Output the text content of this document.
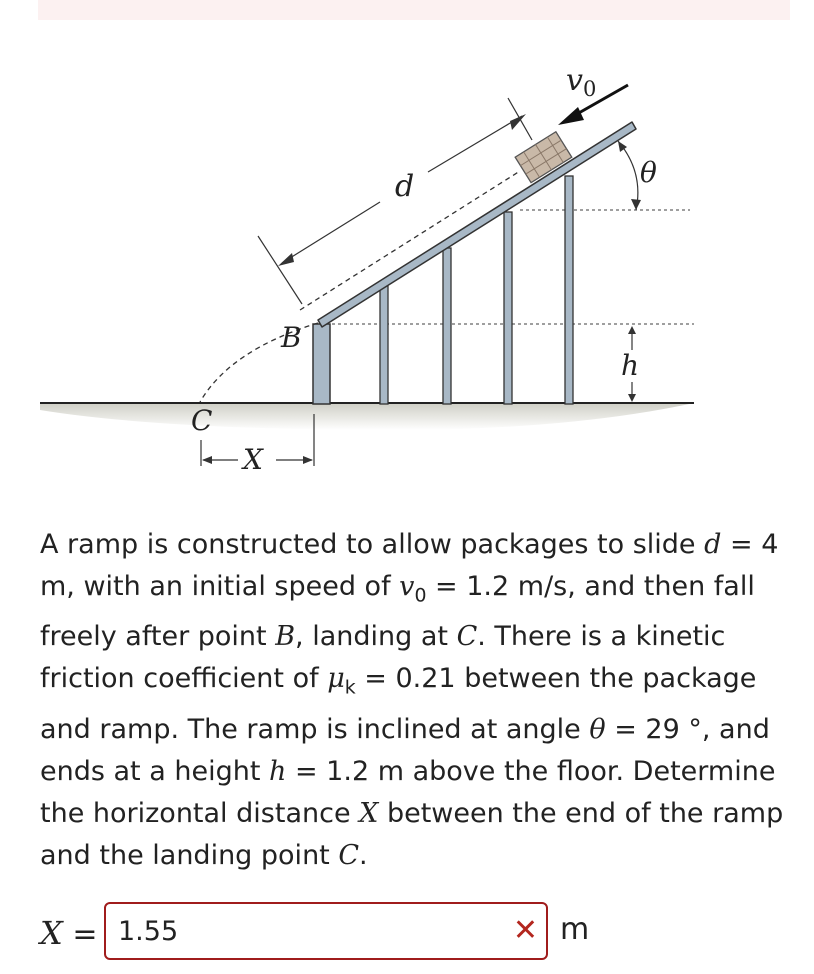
$v_0$
θ
d
B
h
C
X

A ramp is constructed to allow packages to slide d = 4 m, with an initial speed of $v_0 = 1.2$ m/s, and then fall freely after point B, landing at C. There is a kinetic friction coefficient of $\mu_k = 0.21$ between the package and ramp. The ramp is inclined at angle θ = 29 °, and ends at a height h = 1.2 m above the floor. Determine the horizontal distance X between the end of the ramp and the landing point C.

X = 1.55	✕ m
